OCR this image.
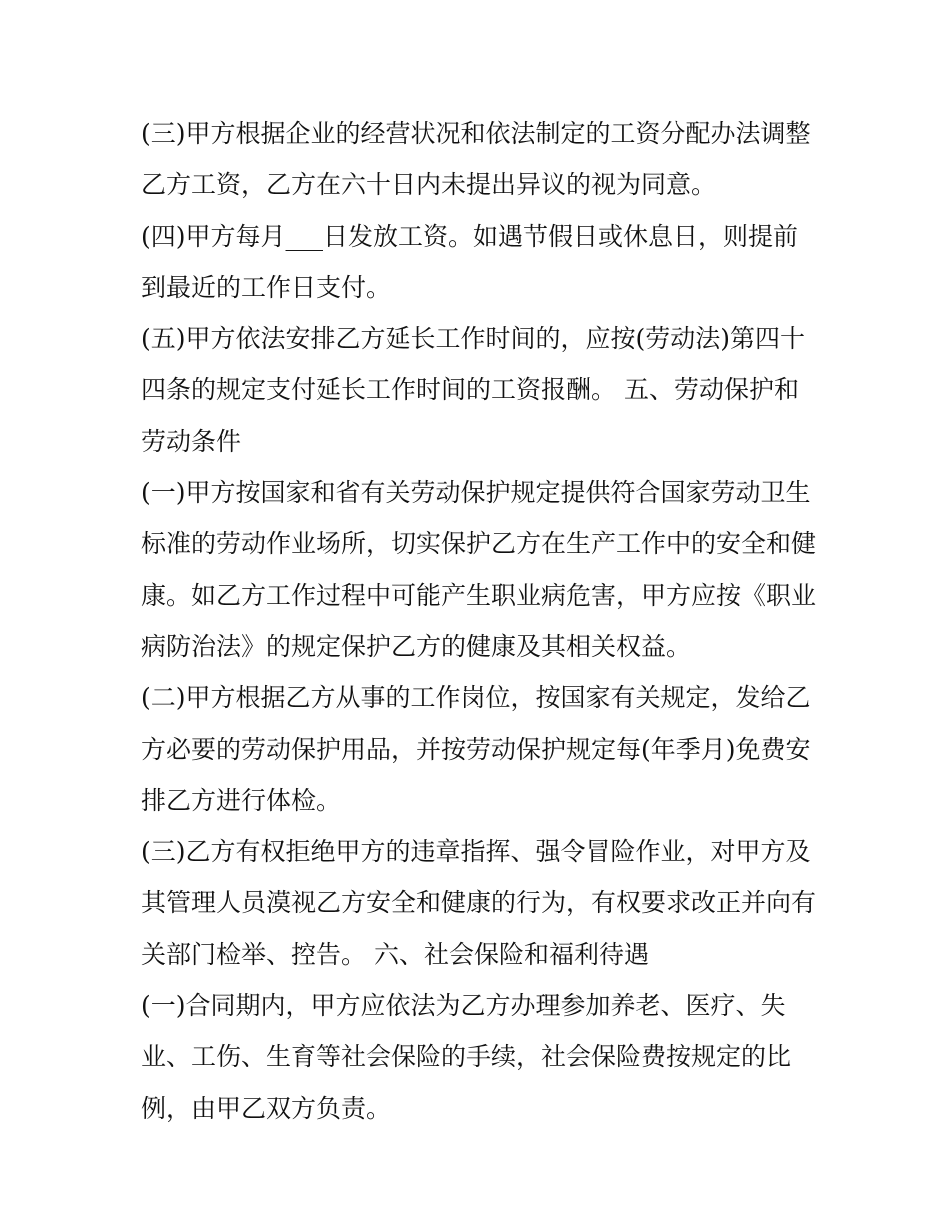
(三)甲方根据企业的经营状况和依法制定的工资分配办法调整
乙方工资，乙方在六十日内未提出异议的视为同意。
(四)甲方每月___日发放工资。如遇节假日或休息日，则提前
到最近的工作日支付。
(五)甲方依法安排乙方延长工作时间的，应按(劳动法)第四十
四条的规定支付延长工作时间的工资报酬。 五、劳动保护和
劳动条件
(一)甲方按国家和省有关劳动保护规定提供符合国家劳动卫生
标准的劳动作业场所，切实保护乙方在生产工作中的安全和健
康。如乙方工作过程中可能产生职业病危害，甲方应按《职业
病防治法》的规定保护乙方的健康及其相关权益。
(二)甲方根据乙方从事的工作岗位，按国家有关规定，发给乙
方必要的劳动保护用品，并按劳动保护规定每(年季月)免费安
排乙方进行体检。
(三)乙方有权拒绝甲方的违章指挥、强令冒险作业，对甲方及
其管理人员漠视乙方安全和健康的行为，有权要求改正并向有
关部门检举、控告。 六、社会保险和福利待遇
(一)合同期内，甲方应依法为乙方办理参加养老、医疗、失
业、工伤、生育等社会保险的手续，社会保险费按规定的比
例，由甲乙双方负责。
